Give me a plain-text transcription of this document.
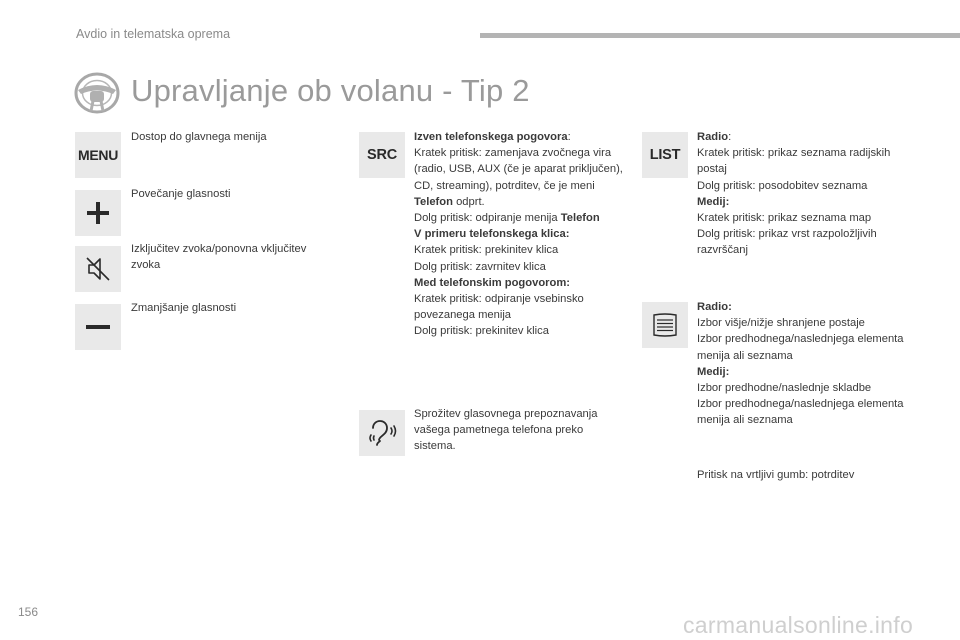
Avdio in telematska oprema
Upravljanje ob volanu - Tip 2
MENU
Dostop do glavnega menija
Povečanje glasnosti
Izključitev zvoka/ponovna vključitev zvoka
Zmanjšanje glasnosti
SRC
Izven telefonskega pogovora:
Kratek pritisk: zamenjava zvočnega vira (radio, USB, AUX (če je aparat priključen), CD, streaming), potrditev, če je meni Telefon odprt.
Dolg pritisk: odpiranje menija Telefon
V primeru telefonskega klica:
Kratek pritisk: prekinitev klica
Dolg pritisk: zavrnitev klica
Med telefonskim pogovorom:
Kratek pritisk: odpiranje vsebinsko povezanega menija
Dolg pritisk: prekinitev klica
Sprožitev glasovnega prepoznavanja vašega pametnega telefona preko sistema.
LIST
Radio:
Kratek pritisk: prikaz seznama radijskih postaj
Dolg pritisk: posodobitev seznama
Medij:
Kratek pritisk: prikaz seznama map
Dolg pritisk: prikaz vrst razpoložljivih razvrščanj
Radio:
Izbor višje/nižje shranjene postaje
Izbor predhodnega/naslednjega elementa menija ali seznama
Medij:
Izbor predhodne/naslednje skladbe
Izbor predhodnega/naslednjega elementa menija ali seznama
Pritisk na vrtljivi gumb: potrditev
156	carmanualsonline.info
